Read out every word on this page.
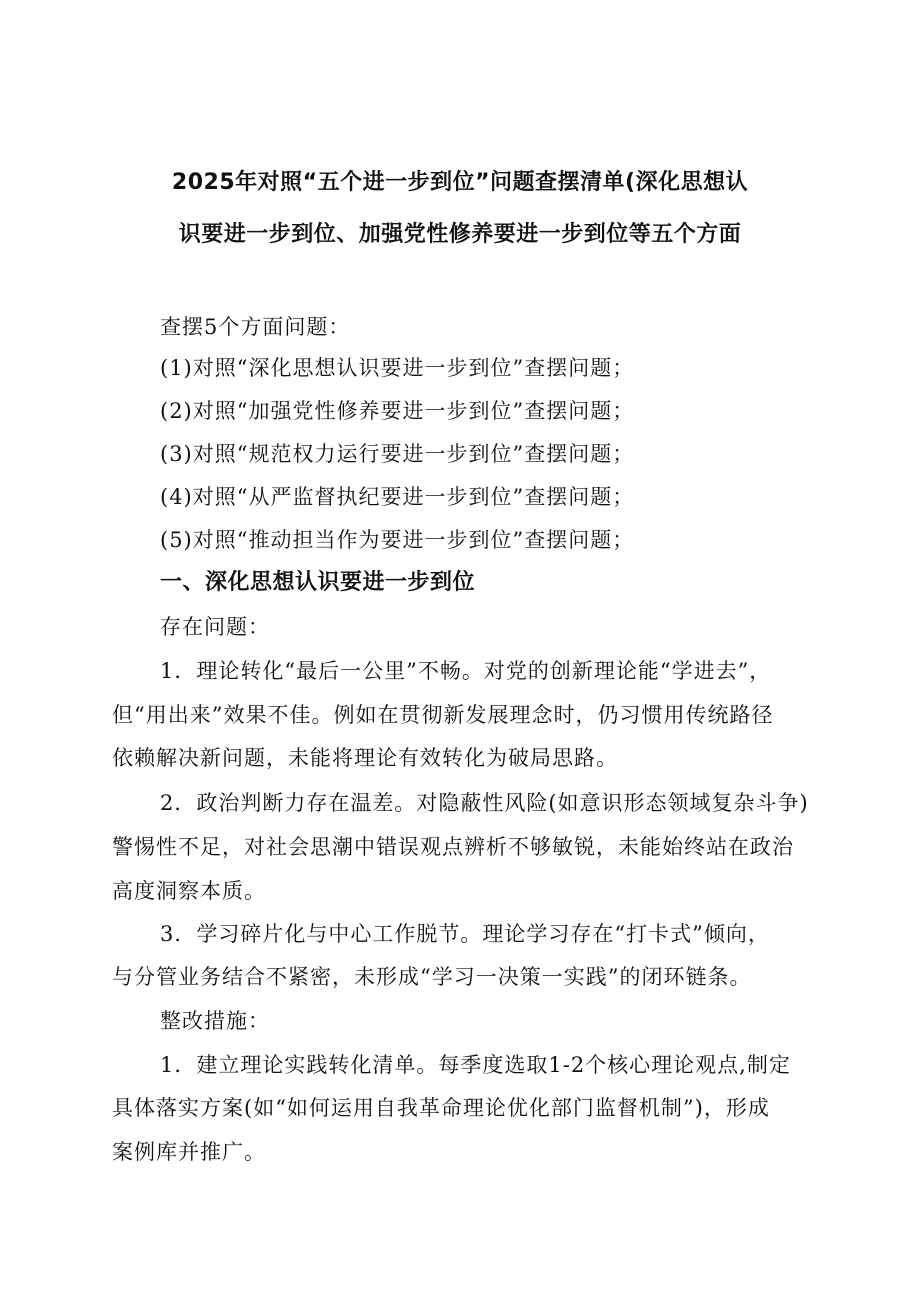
2025年对照“五个进一步到位”问题查摆清单(深化思想认
识要进一步到位、加强党性修养要进一步到位等五个方面
查摆5个方面问题：
(1)对照“深化思想认识要进一步到位”查摆问题；
(2)对照“加强党性修养要进一步到位”查摆问题；
(3)对照“规范权力运行要进一步到位”查摆问题；
(4)对照“从严监督执纪要进一步到位”查摆问题；
(5)对照“推动担当作为要进一步到位”查摆问题；
一、深化思想认识要进一步到位
存在问题：
1．理论转化“最后一公里”不畅。对党的创新理论能“学进去”，
但“用出来”效果不佳。例如在贯彻新发展理念时，仍习惯用传统路径
依赖解决新问题，未能将理论有效转化为破局思路。
2．政治判断力存在温差。对隐蔽性风险(如意识形态领域复杂斗争)
警惕性不足，对社会思潮中错误观点辨析不够敏锐，未能始终站在政治
高度洞察本质。
3．学习碎片化与中心工作脱节。理论学习存在“打卡式”倾向，
与分管业务结合不紧密，未形成“学习一决策一实践”的闭环链条。
整改措施：
1．建立理论实践转化清单。每季度选取1-2个核心理论观点,制定
具体落实方案(如“如何运用自我革命理论优化部门监督机制”)，形成
案例库并推广。
